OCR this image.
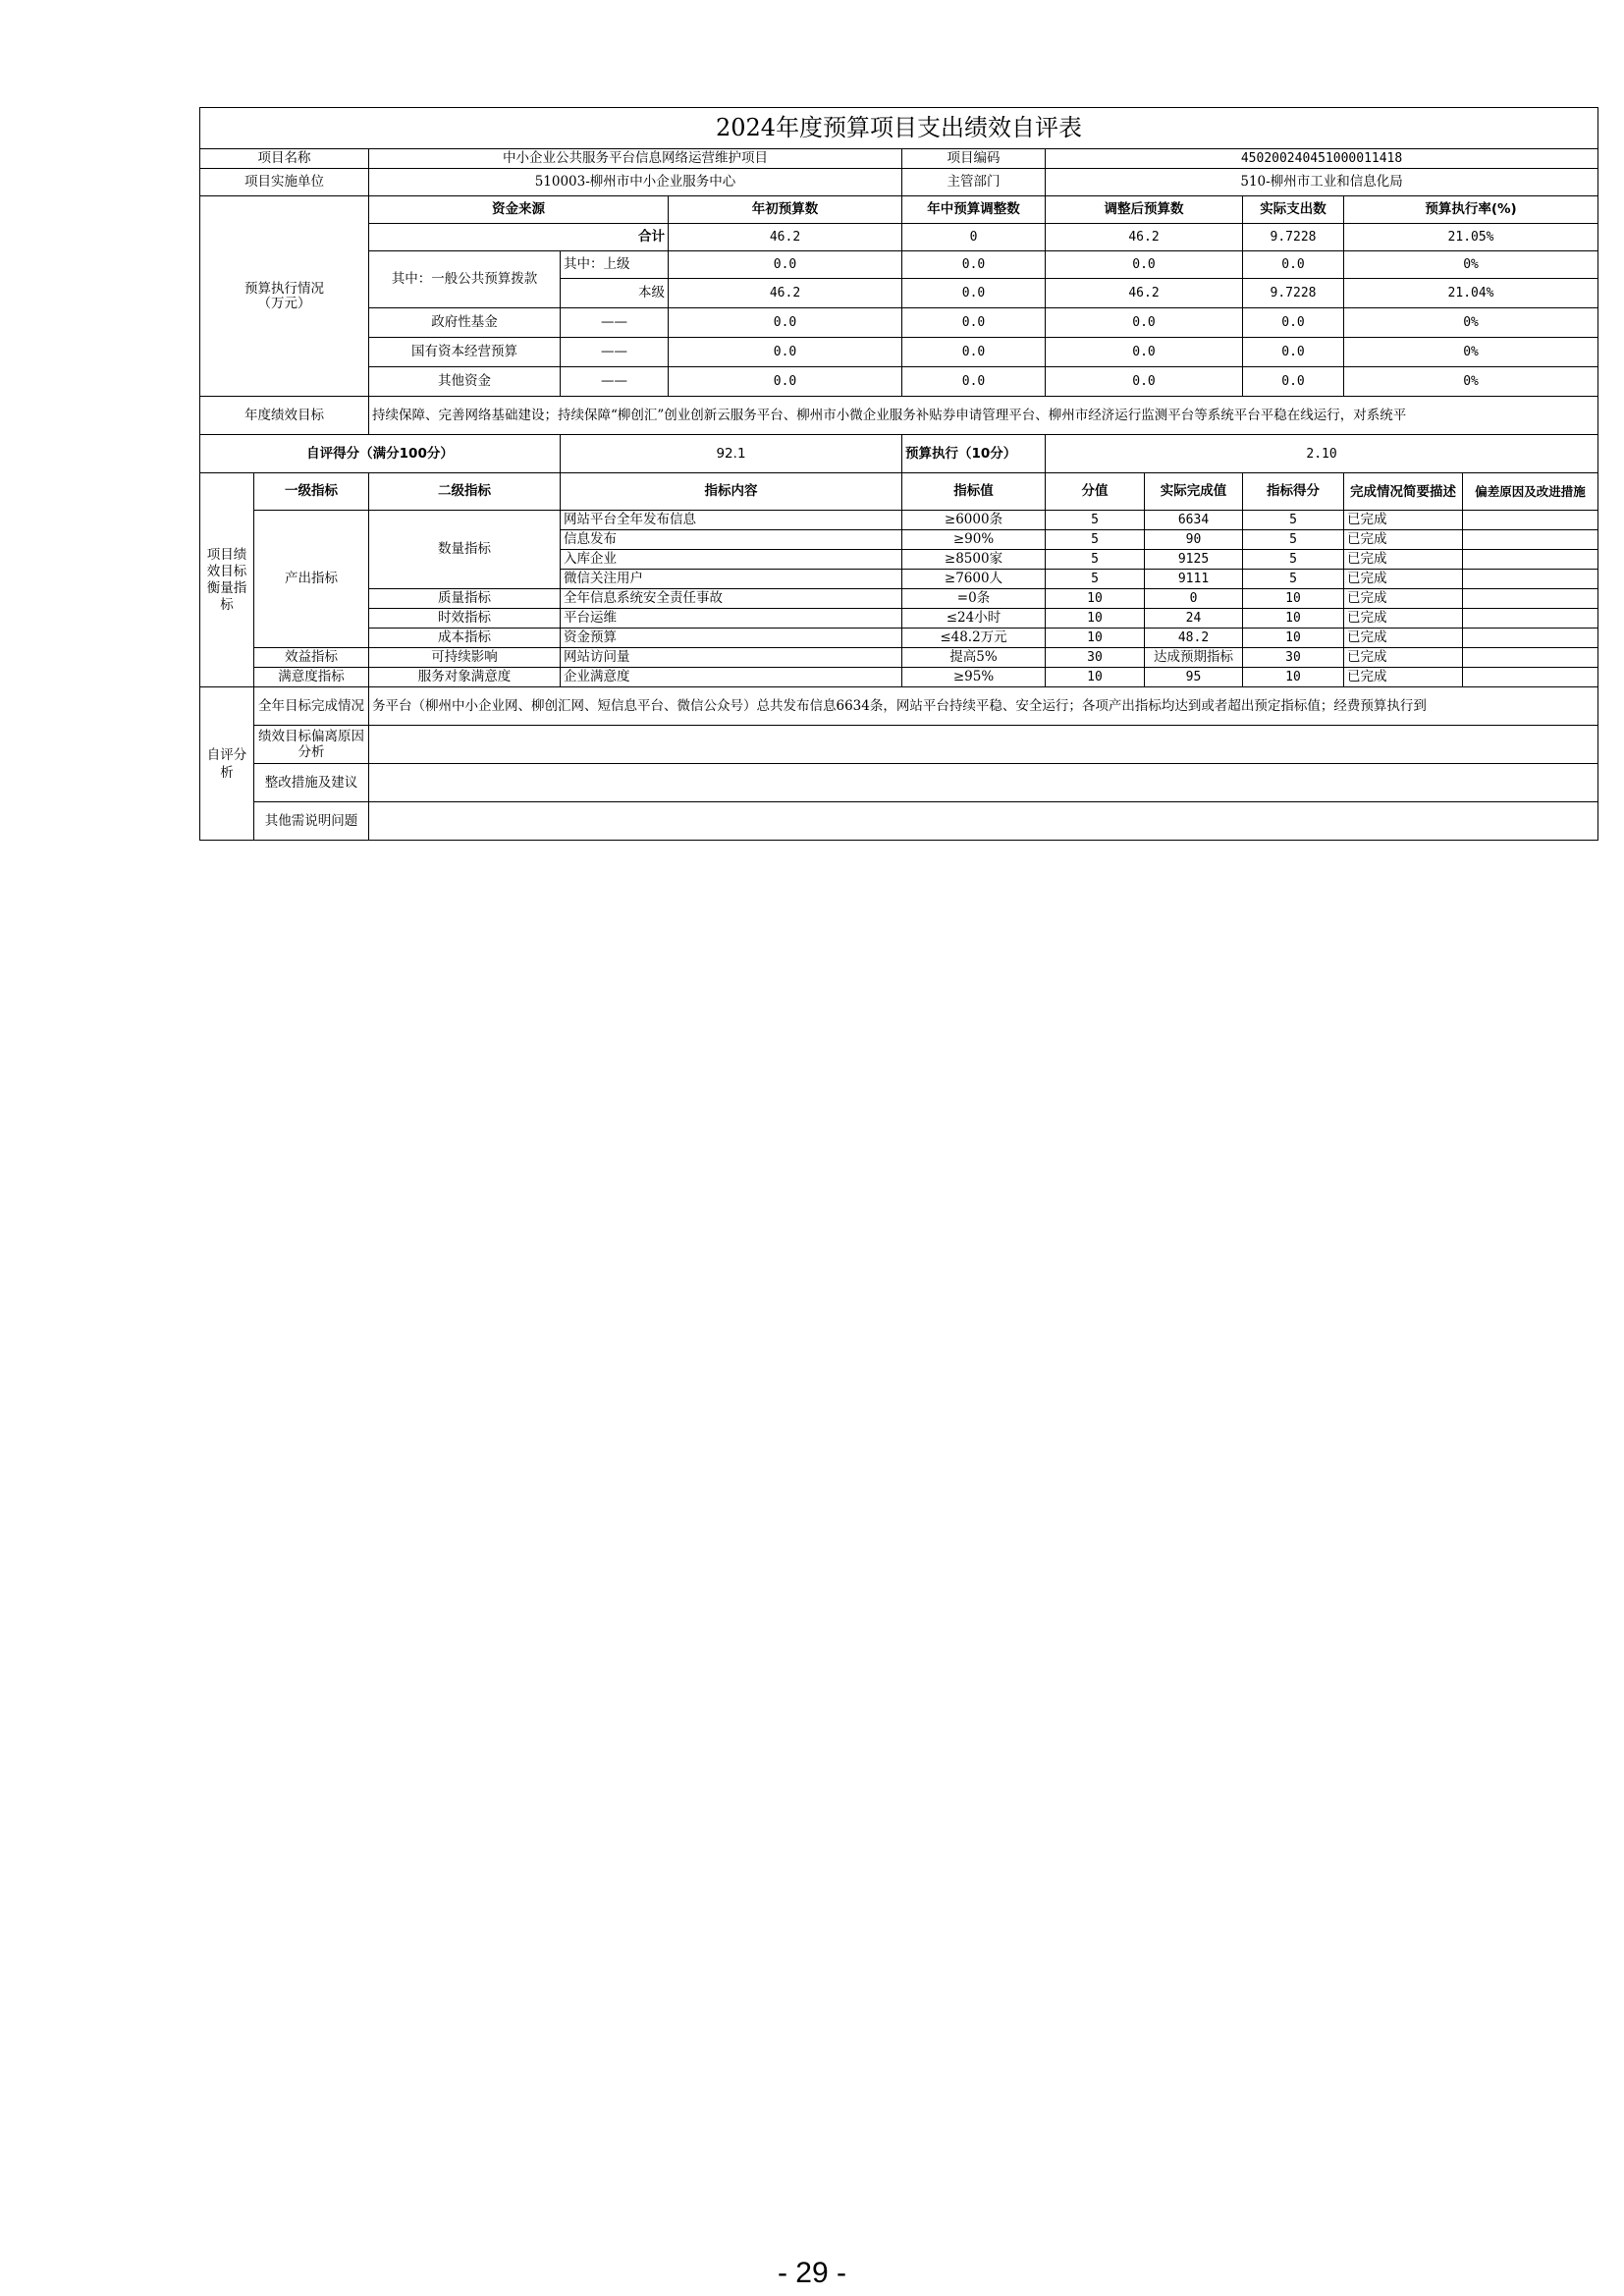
2024年度预算项目支出绩效自评表										
项目名称		中小企业公共服务平台信息网络运营维护项目			项目编码	450200240451000011418				
项目实施单位		510003-柳州市中小企业服务中心			主管部门	510-柳州市工业和信息化局				
预算执行情况
（万元）		资金来源		年初预算数	年中预算调整数	调整后预算数		实际支出数	预算执行率(%)	
		合计		46.2	0	46.2		9.7228	21.05%	
		其中：一般公共预算拨款	其中：上级	0.0	0.0	0.0		0.0	0%	
			本级	46.2	0.0	46.2		9.7228	21.04%	
		政府性基金	——	0.0	0.0	0.0		0.0	0%	
		国有资本经营预算	——	0.0	0.0	0.0		0.0	0%	
		其他资金	——	0.0	0.0	0.0		0.0	0%	
年度绩效目标		持续保障、完善网络基础建设；持续保障“柳创汇”创业创新云服务平台、柳州市小微企业服务补贴券申请管理平台、柳州市经济运行监测平台等系统平台平稳在线运行，对系统平								
自评得分（满分100分）			92.1		预算执行（10分）	2.10				
项目绩效目标衡量指标	一级指标	二级指标	指标内容		指标值	分值	实际完成值	指标得分	完成情况简要描述	偏差原因及改进措施
	产出指标	数量指标	网站平台全年发布信息		≥6000条	5	6634	5	已完成	
			信息发布		≥90%	5	90	5	已完成	
			入库企业		≥8500家	5	9125	5	已完成	
			微信关注用户		≥7600人	5	9111	5	已完成	
		质量指标	全年信息系统安全责任事故		=0条	10	0	10	已完成	
		时效指标	平台运维		≤24小时	10	24	10	已完成	
		成本指标	资金预算		≤48.2万元	10	48.2	10	已完成	
	效益指标	可持续影响	网站访问量		提高5%	30	达成预期指标	30	已完成	
	满意度指标	服务对象满意度	企业满意度		≥95%	10	95	10	已完成	
自评分析	全年目标完成情况	务平台（柳州中小企业网、柳创汇网、短信息平台、微信公众号）总共发布信息6634条，网站平台持续平稳、安全运行；各项产出指标均达到或者超出预定指标值；经费预算执行到								
	绩效目标偏离原因分析									
	整改措施及建议									
	其他需说明问题									
- 29 -
